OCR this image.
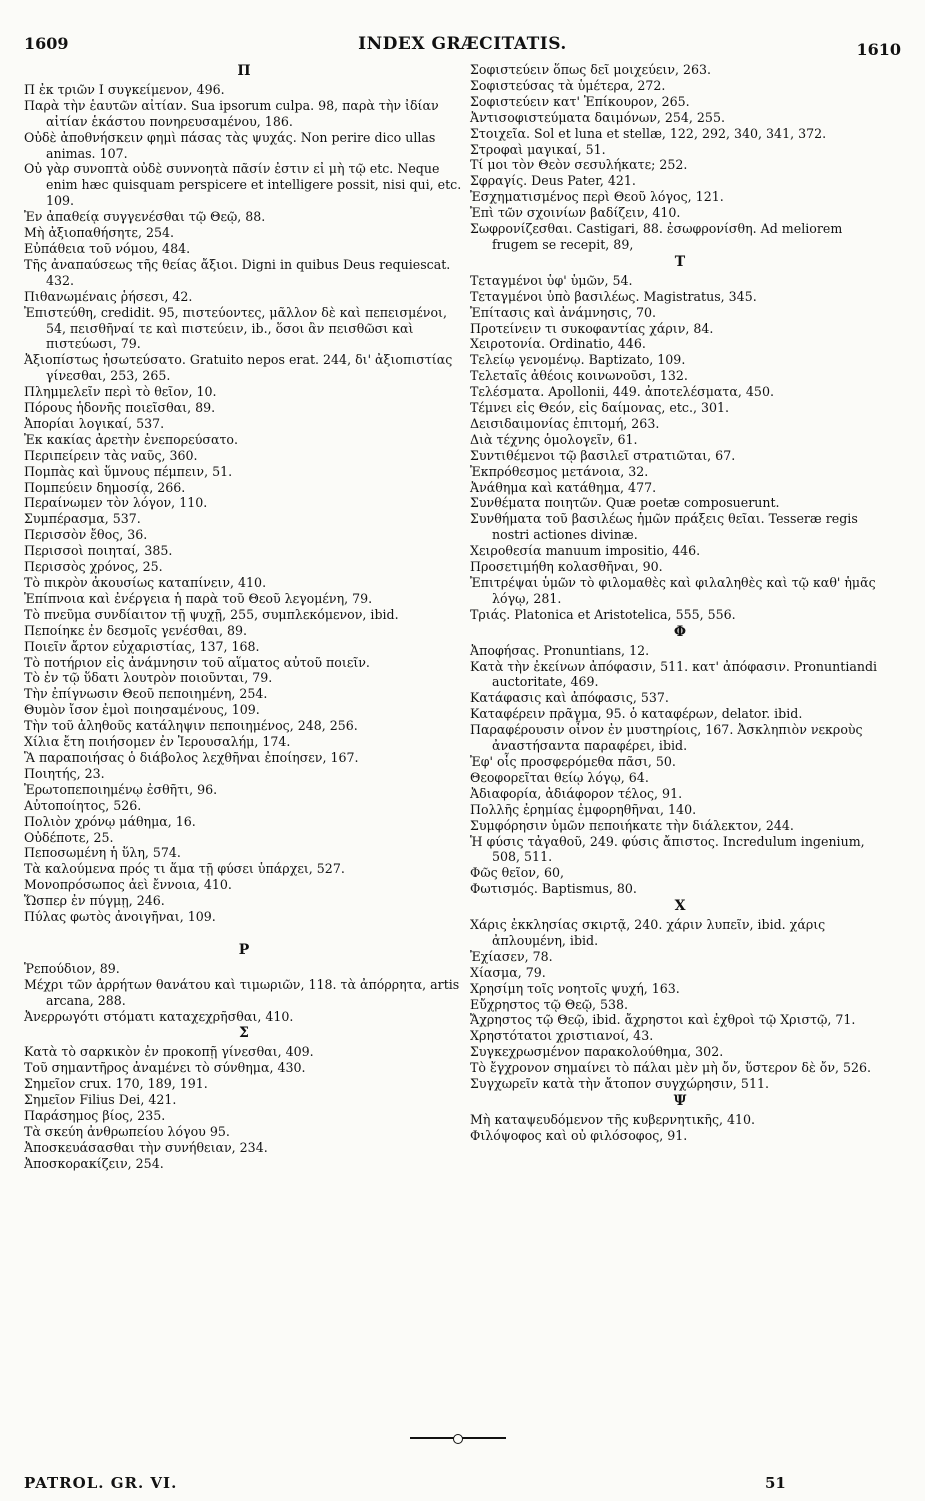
1609	INDEX GRÆCITATIS.	1610
Π
Π ἐκ τριῶν Ι συγκείμενον, 496.
Παρὰ τὴν ἑαυτῶν αἰτίαν. Sua ipsorum culpa. 98, παρὰ τὴν ἰδίαν αἰτίαν ἑκάστου πονηρευσαμένου, 186.
Οὐδὲ ἀποθνήσκειν φημὶ πάσας τὰς ψυχάς. Non perire dico ullas animas. 107.
Οὐ γὰρ συνοπτὰ οὐδὲ συννοητὰ πᾶσίν ἐστιν εἰ μὴ τῷ etc. Neque enim hæc quisquam perspicere et intelligere possit, nisi qui, etc. 109.
Ἐν ἀπαθείᾳ συγγενέσθαι τῷ Θεῷ, 88.
Μὴ ἀξιοπαθήσητε, 254.
Εὐπάθεια τοῦ νόμου, 484.
Τῆς ἀναπαύσεως τῆς θείας ἄξιοι. Digni in quibus Deus requiescat. 432.
Πιθανωμέναις ῥήσεσι, 42.
Ἐπιστεύθη, credidit. 95, πιστεύοντες, μᾶλλον δὲ καὶ πεπεισμένοι, 54, πεισθῆναί τε καὶ πιστεύειν, ib., ὅσοι ἂν πεισθῶσι καὶ πιστεύωσι, 79.
Ἀξιοπίστως ἠσωτεύσατο. Gratuito nepos erat. 244, δι' ἀξιοπιστίας γίνεσθαι, 253, 265.
Πλημμελεῖν περὶ τὸ θεῖον, 10.
Πόρους ἡδονῆς ποιεῖσθαι, 89.
Ἀπορίαι λογικαί, 537.
Ἐκ κακίας ἀρετὴν ἐνεπορεύσατο.
Περιπείρειν τὰς ναῦς, 360.
Πομπὰς καὶ ὕμνους πέμπειν, 51.
Πομπεύειν δημοσίᾳ, 266.
Περαίνωμεν τὸν λόγον, 110.
Συμπέρασμα, 537.
Περισσὸν ἔθος, 36.
Περισσοὶ ποιηταί, 385.
Περισσὸς χρόνος, 25.
Τὸ πικρὸν ἀκουσίως καταπίνειν, 410.
Ἐπίπνοια καὶ ἐνέργεια ἡ παρὰ τοῦ Θεοῦ λεγομένη, 79.
Τὸ πνεῦμα συνδίαιτον τῇ ψυχῇ, 255, συμπλεκόμενον, ibid.
Πεποίηκε ἐν δεσμοῖς γενέσθαι, 89.
Ποιεῖν ἄρτον εὐχαριστίας, 137, 168.
Τὸ ποτήριον εἰς ἀνάμνησιν τοῦ αἵματος αὐτοῦ ποιεῖν.
Τὸ ἐν τῷ ὕδατι λουτρὸν ποιοῦνται, 79.
Τὴν ἐπίγνωσιν Θεοῦ πεποιημένη, 254.
Θυμὸν ἴσον ἐμοὶ ποιησαμένους, 109.
Τὴν τοῦ ἀληθοῦς κατάληψιν πεποιημένος, 248, 256.
Χίλια ἔτη ποιήσομεν ἐν Ἱερουσαλήμ, 174.
Ἃ παραποιήσας ὁ διάβολος λεχθῆναι ἐποίησεν, 167.
Ποιητής, 23.
Ἐρωτοπεποιημένῳ ἐσθῆτι, 96.
Αὐτοποίητος, 526.
Πολιὸν χρόνῳ μάθημα, 16.
Οὐδέποτε, 25.
Πεποσωμένη ἡ ὕλη, 574.
Τὰ καλούμενα πρός τι ἅμα τῇ φύσει ὑπάρχει, 527.
Μονοπρόσωπος ἀεὶ ἔννοια, 410.
Ὥσπερ ἐν πύγμῃ, 246.
Πύλας φωτὸς ἀνοιγῆναι, 109.
Ρ
Ῥεπούδιον, 89.
Μέχρι τῶν ἀρρήτων θανάτου καὶ τιμωριῶν, 118. τὰ ἀπόρρητα, artis arcana, 288.
Ἀνερρωγότι στόματι καταχεχρῆσθαι, 410.
Σ
Κατὰ τὸ σαρκικὸν ἐν προκοπῇ γίνεσθαι, 409.
Τοῦ σημαντῆρος ἀναμένει τὸ σύνθημα, 430.
Σημεῖον crux. 170, 189, 191.
Σημεῖον Filius Dei, 421.
Παράσημος βίος, 235.
Τὰ σκεύη ἀνθρωπείου λόγου 95.
Ἀποσκευάσασθαι τὴν συνήθειαν, 234.
Ἀποσκορακίζειν, 254.
Σοφιστεύειν ὅπως δεῖ μοιχεύειν, 263.
Σοφιστεύσας τὰ ὑμέτερα, 272.
Σοφιστεύειν κατ' Ἐπίκουρον, 265.
Ἀντισοφιστεύματα δαιμόνων, 254, 255.
Στοιχεῖα. Sol et luna et stellæ, 122, 292, 340, 341, 372.
Στροφαὶ μαγικαί, 51.
Τί μοι τὸν Θεὸν σεσυλήκατε; 252.
Σφραγίς. Deus Pater, 421.
Ἐσχηματισμένος περὶ Θεοῦ λόγος, 121.
Ἐπὶ τῶν σχοινίων βαδίζειν, 410.
Σωφρονίζεσθαι. Castigari, 88. ἐσωφρονίσθη. Ad meliorem frugem se recepit, 89,
Τ
Τεταγμένοι ὑφ' ὑμῶν, 54.
Τεταγμένοι ὑπὸ βασιλέως. Magistratus, 345.
Ἐπίτασις καὶ ἀνάμνησις, 70.
Προτείνειν τι συκοφαντίας χάριν, 84.
Χειροτονία. Ordinatio, 446.
Τελείῳ γενομένῳ. Baptizato, 109.
Τελεταῖς ἀθέοις κοινωνοῦσι, 132.
Τελέσματα. Apollonii, 449. ἀποτελέσματα, 450.
Τέμνει εἰς Θεόν, εἰς δαίμονας, etc., 301.
Δεισιδαιμονίας ἐπιτομή, 263.
Διὰ τέχνης ὁμολογεῖν, 61.
Συντιθέμενοι τῷ βασιλεῖ στρατιῶται, 67.
Ἐκπρόθεσμος μετάνοια, 32.
Ἀνάθημα καὶ κατάθημα, 477.
Συνθέματα ποιητῶν. Quæ poetæ composuerunt.
Συνθήματα τοῦ βασιλέως ἡμῶν πράξεις θεῖαι. Tesseræ regis nostri actiones divinæ.
Χειροθεσία manuum impositio, 446.
Προσετιμήθη κολασθῆναι, 90.
Ἐπιτρέψαι ὑμῶν τὸ φιλομαθὲς καὶ φιλαληθὲς καὶ τῷ καθ' ἡμᾶς λόγῳ, 281.
Τριάς. Platonica et Aristotelica, 555, 556.
Φ
Ἀποφήσας. Pronuntians, 12.
Κατὰ τὴν ἐκείνων ἀπόφασιν, 511. κατ' ἀπόφασιν. Pronuntiandi auctoritate, 469.
Κατάφασις καὶ ἀπόφασις, 537.
Καταφέρειν πρᾶγμα, 95. ὁ καταφέρων, delator. ibid.
Παραφέρουσιν οἶνον ἐν μυστηρίοις, 167. Ἀσκληπιὸν νεκροὺς ἀναστήσαντα παραφέρει, ibid.
Ἐφ' οἷς προσφερόμεθα πᾶσι, 50.
Θεοφορεῖται θείῳ λόγῳ, 64.
Ἀδιαφορία, ἀδιάφορον τέλος, 91.
Πολλῆς ἐρημίας ἐμφορηθῆναι, 140.
Συμφόρησιν ὑμῶν πεποιήκατε τὴν διάλεκτον, 244.
Ἡ φύσις τἀγαθοῦ, 249. φύσις ἄπιστος. Incredulum ingenium, 508, 511.
Φῶς θεῖον, 60,
Φωτισμός. Baptismus, 80.
Χ
Χάρις ἐκκλησίας σκιρτᾷ, 240. χάριν λυπεῖν, ibid. χάρις ἀπλουμένη, ibid.
Ἐχίασεν, 78.
Χίασμα, 79.
Χρησίμη τοῖς νοητοῖς ψυχή, 163.
Εὔχρηστος τῷ Θεῷ, 538.
Ἄχρηστος τῷ Θεῷ, ibid. ἄχρηστοι καὶ ἐχθροὶ τῷ Χριστῷ, 71.
Χρηστότατοι χριστιανοί, 43.
Συγκεχρωσμένον παρακολούθημα, 302.
Τὸ ἔγχρονον σημαίνει τὸ πάλαι μὲν μὴ ὄν, ὕστερον δὲ ὄν, 526.
Συγχωρεῖν κατὰ τὴν ἄτοπον συγχώρησιν, 511.
Ψ
Μὴ καταψευδόμενον τῆς κυβερνητικῆς, 410.
Φιλόψοφος καὶ οὐ φιλόσοφος, 91.
PATROL. GR. VI.	51
